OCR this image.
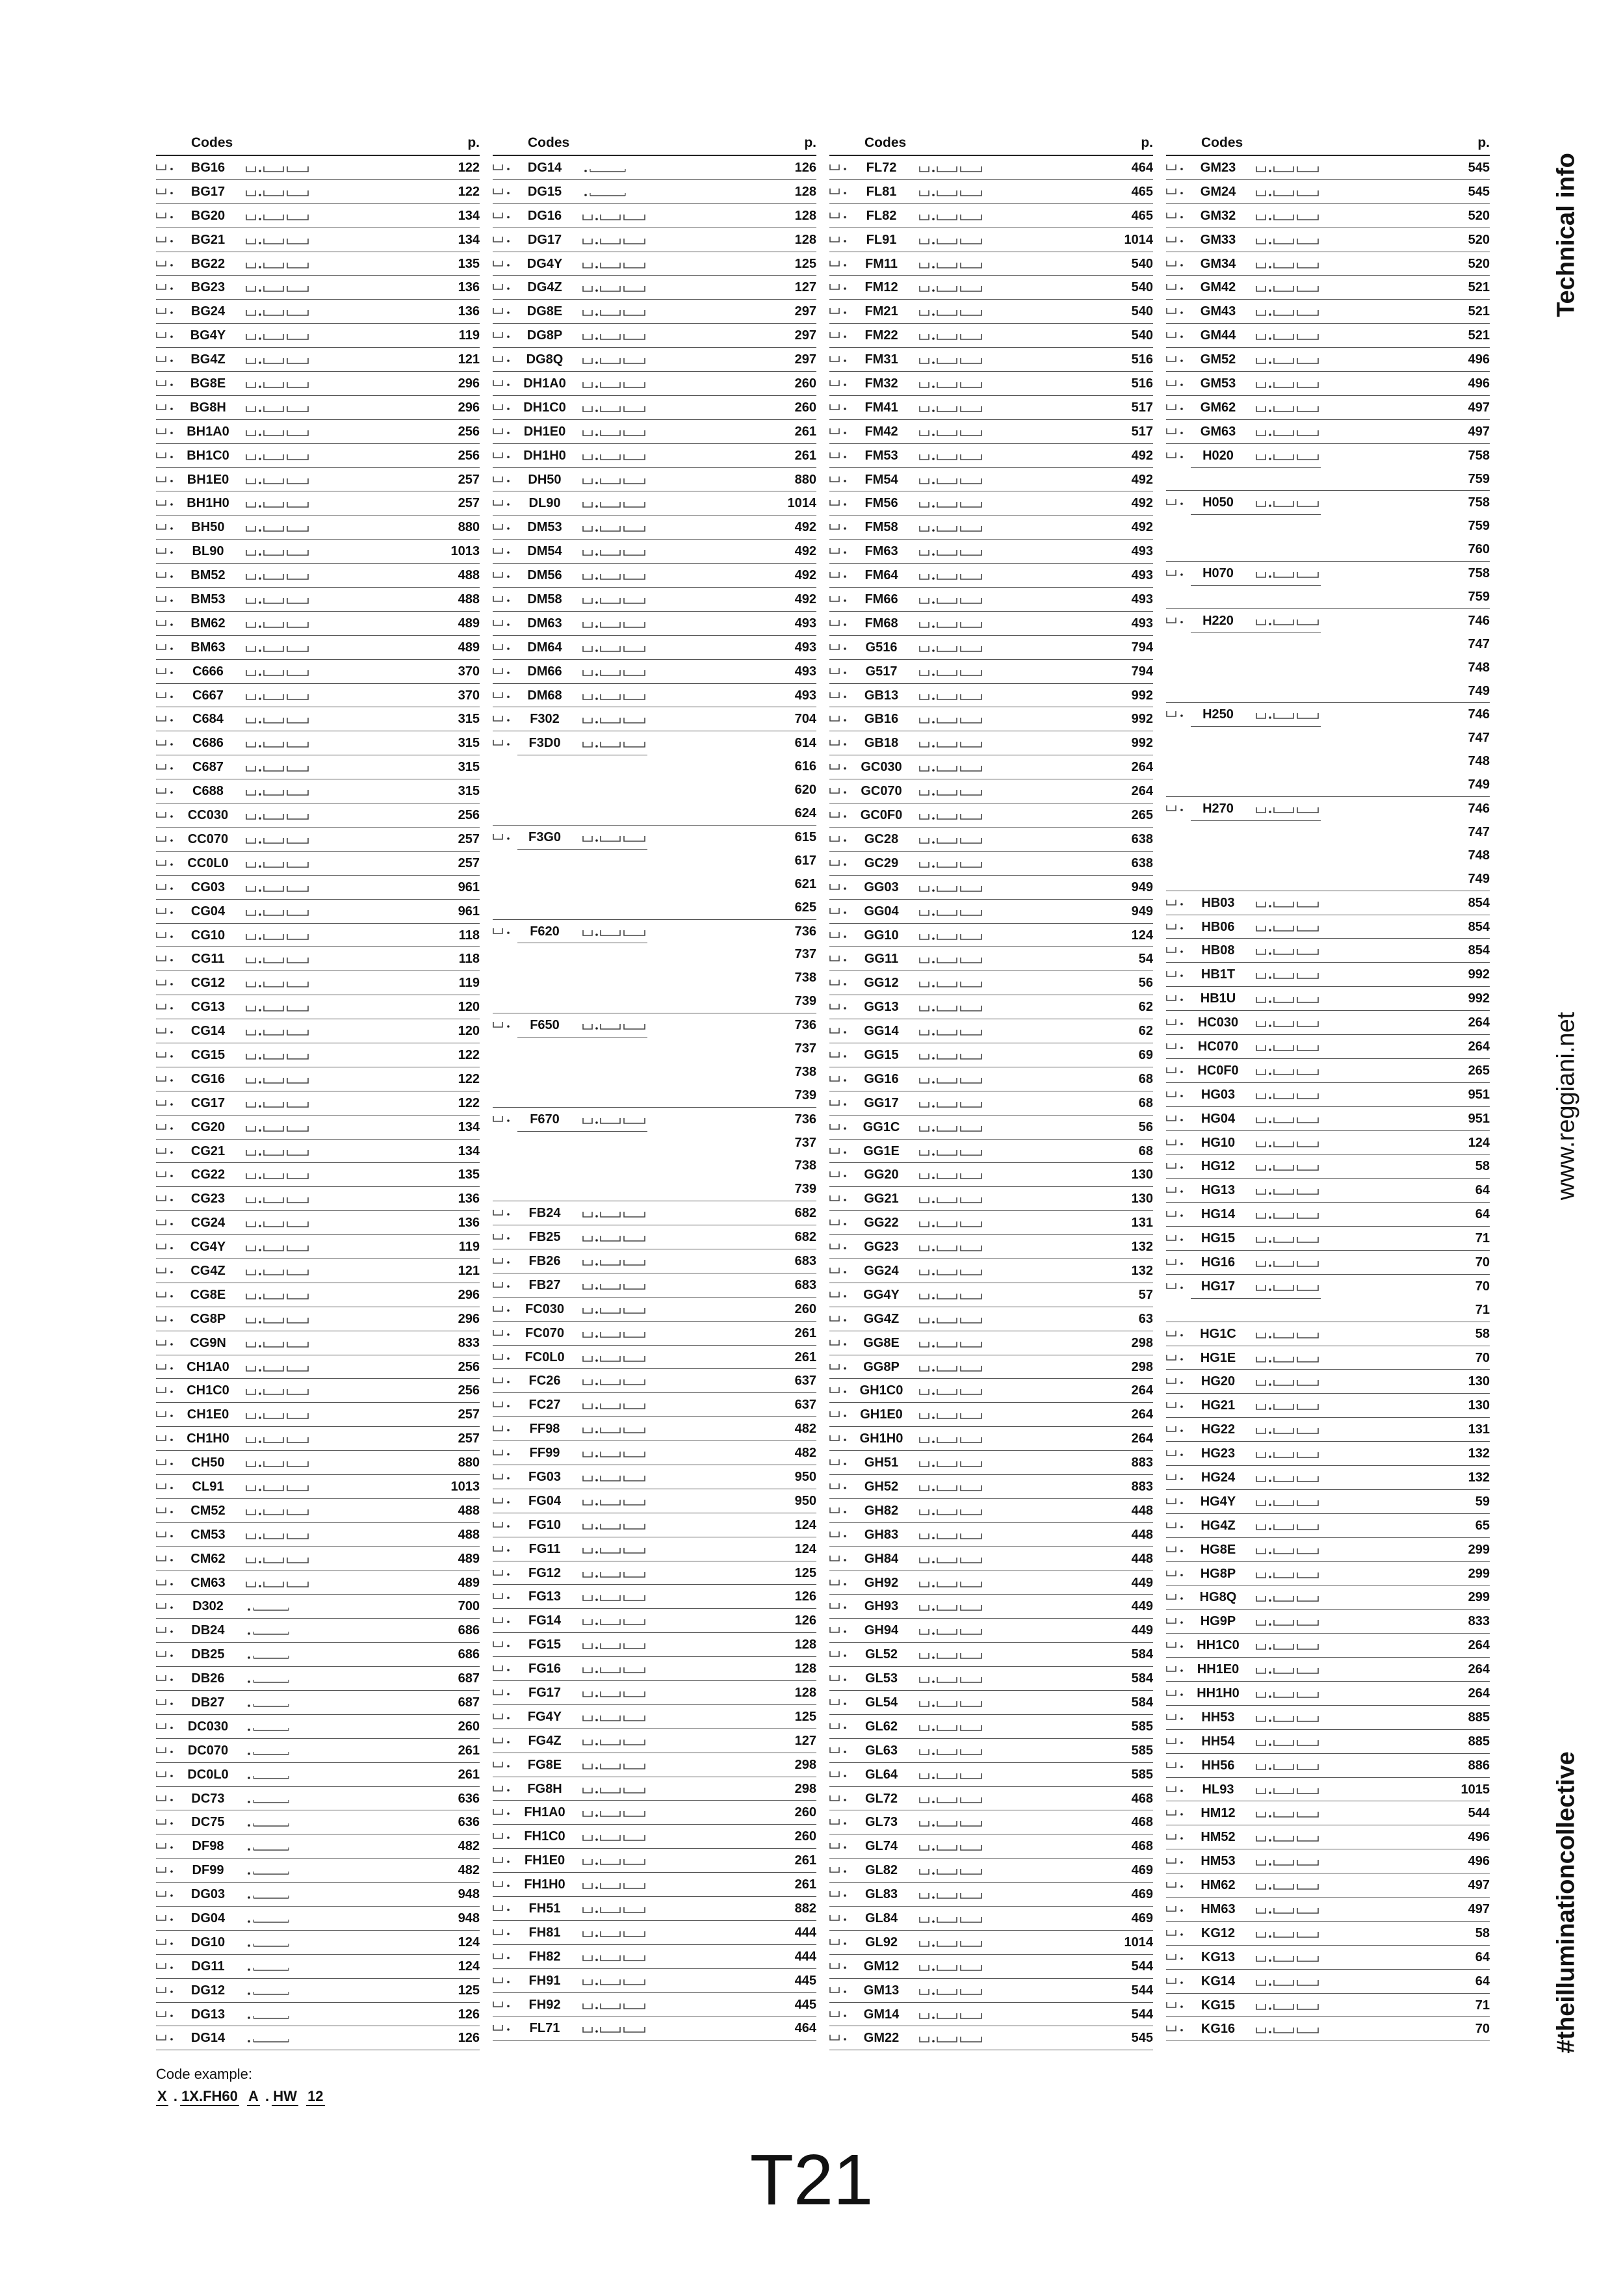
Codes	p.
BG16	122
BG17	122
BG20	134
BG21	134
BG22	135
BG23	136
BG24	136
BG4Y	119
BG4Z	121
BG8E	296
BG8H	296
BH1A0	256
BH1C0	256
BH1E0	257
BH1H0	257
BH50	880
BL90	1013
BM52	488
BM53	488
BM62	489
BM63	489
C666	370
C667	370
C684	315
C686	315
C687	315
C688	315
CC030	256
CC070	257
CC0L0	257
CG03	961
CG04	961
CG10	118
CG11	118
CG12	119
CG13	120
CG14	120
CG15	122
CG16	122
CG17	122
CG20	134
CG21	134
CG22	135
CG23	136
CG24	136
CG4Y	119
CG4Z	121
CG8E	296
CG8P	296
CG9N	833
CH1A0	256
CH1C0	256
CH1E0	257
CH1H0	257
CH50	880
CL91	1013
CM52	488
CM53	488
CM62	489
CM63	489
D302	700
DB24	686
DB25	686
DB26	687
DB27	687
DC030	260
DC070	261
DC0L0	261
DC73	636
DC75	636
DF98	482
DF99	482
DG03	948
DG04	948
DG10	124
DG11	124
DG12	125
DG13	126
DG14	126
Codes	p.
DG14	126
DG15	128
DG16	128
DG17	128
DG4Y	125
DG4Z	127
DG8E	297
DG8P	297
DG8Q	297
DH1A0	260
DH1C0	260
DH1E0	261
DH1H0	261
DH50	880
DL90	1014
DM53	492
DM54	492
DM56	492
DM58	492
DM63	493
DM64	493
DM66	493
DM68	493
F302	704
F3D0	614
616
620
624
F3G0	615
617
621
625
F620	736
737
738
739
F650	736
737
738
739
F670	736
737
738
739
FB24	682
FB25	682
FB26	683
FB27	683
FC030	260
FC070	261
FC0L0	261
FC26	637
FC27	637
FF98	482
FF99	482
FG03	950
FG04	950
FG10	124
FG11	124
FG12	125
FG13	126
FG14	126
FG15	128
FG16	128
FG17	128
FG4Y	125
FG4Z	127
FG8E	298
FG8H	298
FH1A0	260
FH1C0	260
FH1E0	261
FH1H0	261
FH51	882
FH81	444
FH82	444
FH91	445
FH92	445
FL71	464
Codes	p.
FL72	464
FL81	465
FL82	465
FL91	1014
FM11	540
FM12	540
FM21	540
FM22	540
FM31	516
FM32	516
FM41	517
FM42	517
FM53	492
FM54	492
FM56	492
FM58	492
FM63	493
FM64	493
FM66	493
FM68	493
G516	794
G517	794
GB13	992
GB16	992
GB18	992
GC030	264
GC070	264
GC0F0	265
GC28	638
GC29	638
GG03	949
GG04	949
GG10	124
GG11	54
GG12	56
GG13	62
GG14	62
GG15	69
GG16	68
GG17	68
GG1C	56
GG1E	68
GG20	130
GG21	130
GG22	131
GG23	132
GG24	132
GG4Y	57
GG4Z	63
GG8E	298
GG8P	298
GH1C0	264
GH1E0	264
GH1H0	264
GH51	883
GH52	883
GH82	448
GH83	448
GH84	448
GH92	449
GH93	449
GH94	449
GL52	584
GL53	584
GL54	584
GL62	585
GL63	585
GL64	585
GL72	468
GL73	468
GL74	468
GL82	469
GL83	469
GL84	469
GL92	1014
GM12	544
GM13	544
GM14	544
GM22	545
Codes	p.
GM23	545
GM24	545
GM32	520
GM33	520
GM34	520
GM42	521
GM43	521
GM44	521
GM52	496
GM53	496
GM62	497
GM63	497
H020	758
759
H050	758
759
760
H070	758
759
H220	746
747
748
749
H250	746
747
748
749
H270	746
747
748
749
HB03	854
HB06	854
HB08	854
HB1T	992
HB1U	992
HC030	264
HC070	264
HC0F0	265
HG03	951
HG04	951
HG10	124
HG12	58
HG13	64
HG14	64
HG15	71
HG16	70
HG17	70
71
HG1C	58
HG1E	70
HG20	130
HG21	130
HG22	131
HG23	132
HG24	132
HG4Y	59
HG4Z	65
HG8E	299
HG8P	299
HG8Q	299
HG9P	833
HH1C0	264
HH1E0	264
HH1H0	264
HH53	885
HH54	885
HH56	886
HL93	1015
HM12	544
HM52	496
HM53	496
HM62	497
HM63	497
KG12	58
KG13	64
KG14	64
KG15	71
KG16	70
Technical info
www.reggiani.net
#theilluminationcollective
Code example:
X . 1X.FH60 A . HW 12
T21
